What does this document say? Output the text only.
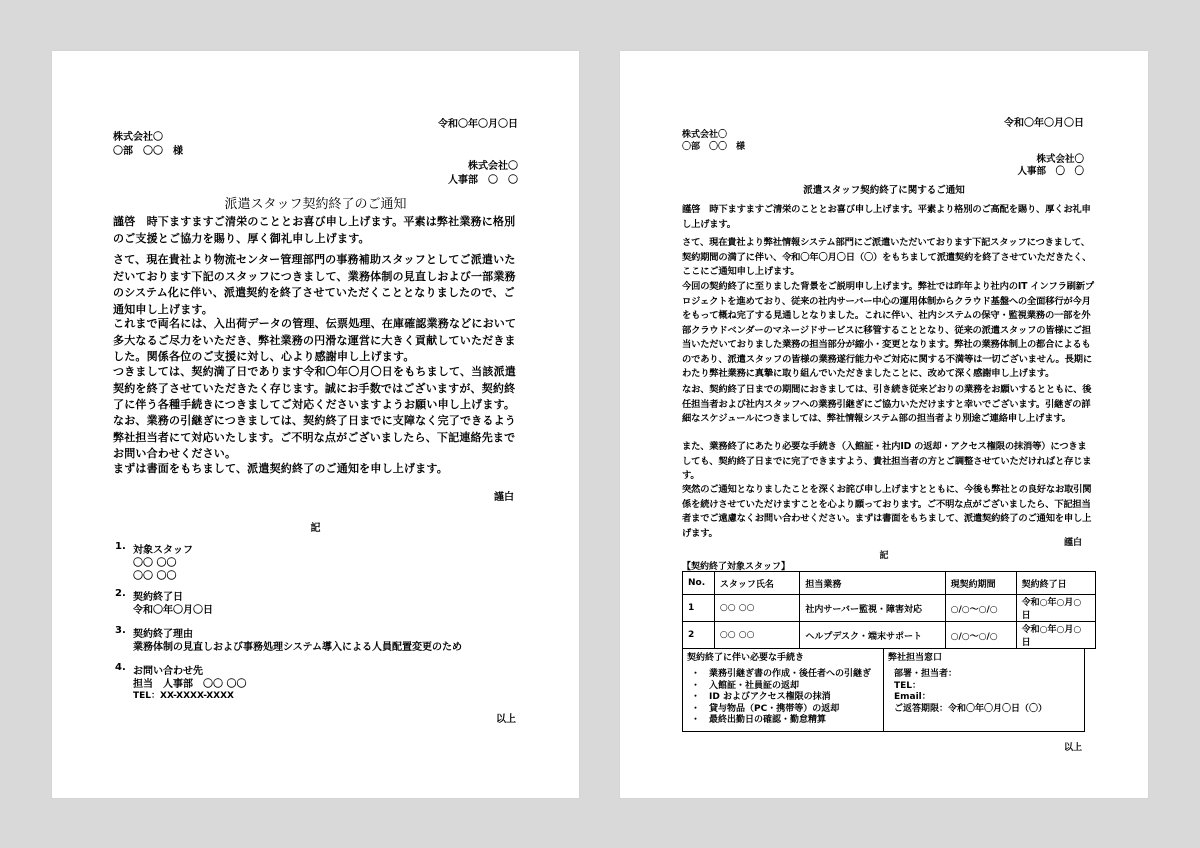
令和〇年〇月〇日
株式会社〇
〇部　〇〇　様
株式会社〇
人事部　〇　〇
派遣スタッフ契約終了のご通知
謹啓　時下ますますご清栄のこととお喜び申し上げます。平素は弊社業務に格別のご支援とご協力を賜り、厚く御礼申し上げます。
さて、現在貴社より物流センター管理部門の事務補助スタッフとしてご派遣いただいております下記のスタッフにつきまして、業務体制の見直しおよび一部業務のシステム化に伴い、派遣契約を終了させていただくこととなりましたので、ご通知申し上げます。
これまで両名には、入出荷データの管理、伝票処理、在庫確認業務などにおいて多大なるご尽力をいただき、弊社業務の円滑な運営に大きく貢献していただきました。関係各位のご支援に対し、心より感謝申し上げます。
つきましては、契約満了日であります令和〇年〇月〇日をもちまして、当該派遣契約を終了させていただきたく存じます。誠にお手数ではございますが、契約終了に伴う各種手続きにつきましてご対応くださいますようお願い申し上げます。
なお、業務の引継ぎにつきましては、契約終了日までに支障なく完了できるよう弊社担当者にて対応いたします。ご不明な点がございましたら、下記連絡先までお問い合わせください。
まずは書面をもちまして、派遣契約終了のご通知を申し上げます。
謹白
記
1. 対象スタッフ
〇〇 〇〇
〇〇 〇〇
2. 契約終了日
令和〇年〇月〇日
3. 契約終了理由
業務体制の見直しおよび事務処理システム導入による人員配置変更のため
4. お問い合わせ先
担当　人事部　〇〇 〇〇
TEL：XX-XXXX-XXXX
以上
令和〇年〇月〇日
株式会社〇
〇部　〇〇　様
株式会社〇
人事部　〇　〇
派遣スタッフ契約終了に関するご通知
謹啓　時下ますますご清栄のこととお喜び申し上げます。平素より格別のご高配を賜り、厚くお礼申し上げます。
さて、現在貴社より弊社情報システム部門にご派遣いただいております下記スタッフにつきまして、契約期間の満了に伴い、令和〇年〇月〇日（〇）をもちまして派遣契約を終了させていただきたく、ここにご通知申し上げます。
今回の契約終了に至りました背景をご説明申し上げます。弊社では昨年より社内のIT インフラ刷新プロジェクトを進めており、従来の社内サーバー中心の運用体制からクラウド基盤への全面移行が今月をもって概ね完了する見通しとなりました。これに伴い、社内システムの保守・監視業務の一部を外部クラウドベンダーのマネージドサービスに移管することとなり、従来の派遣スタッフの皆様にご担当いただいておりました業務の担当部分が縮小・変更となります。弊社の業務体制上の都合によるものであり、派遣スタッフの皆様の業務遂行能力やご対応に関する不満等は一切ございません。長期にわたり弊社業務に真摯に取り組んでいただきましたことに、改めて深く感謝申し上げます。
なお、契約終了日までの期間におきましては、引き続き従来どおりの業務をお願いするとともに、後任担当者および社内スタッフへの業務引継ぎにご協力いただけますと幸いでございます。引継ぎの詳細なスケジュールにつきましては、弊社情報システム部の担当者より別途ご連絡申し上げます。
また、業務終了にあたり必要な手続き（入館証・社内ID の返却・アクセス権限の抹消等）につきましても、契約終了日までに完了できますよう、貴社担当者の方とご調整させていただければと存じます。
突然のご通知となりましたことを深くお詫び申し上げますとともに、今後も弊社との良好なお取引関係を続けさせていただけますことを心より願っております。ご不明な点がございましたら、下記担当者までご遠慮なくお問い合わせください。まずは書面をもちまして、派遣契約終了のご通知を申し上げます。
謹白
記
【契約終了対象スタッフ】
No.	スタッフ氏名	担当業務	現契約期間	契約終了日
1	○○ ○○	社内サーバー監視・障害対応	○/○〜○/○	令和○年○月○日
2	○○ ○○	ヘルプデスク・端末サポート	○/○〜○/○	令和○年○月○日
契約終了に伴い必要な手続き
・　業務引継ぎ書の作成・後任者への引継ぎ
・　入館証・社員証の返却
・　ID およびアクセス権限の抹消
・　貸与物品（PC・携帯等）の返却
・　最終出勤日の確認・勤怠精算
弊社担当窓口
部署・担当者：
TEL：
Email：
ご返答期限：令和〇年〇月〇日（〇）
以上
